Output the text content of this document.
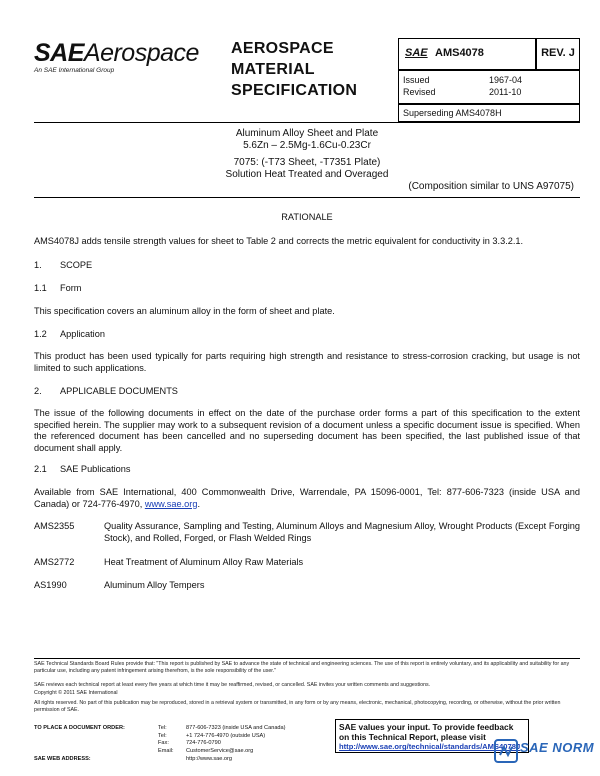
SAEAerospace
An SAE International Group
AEROSPACE
MATERIAL
SPECIFICATION
SAE AMS4078	REV. J
Issued	1967-04
Revised	2011-10
Superseding AMS4078H
Aluminum Alloy Sheet and Plate
5.6Zn – 2.5Mg-1.6Cu-0.23Cr
7075: (-T73 Sheet, -T7351 Plate)
Solution Heat Treated and Overaged
(Composition similar to UNS A97075)
RATIONALE
AMS4078J adds tensile strength values for sheet to Table 2 and corrects the metric equivalent for conductivity in 3.3.2.1.
1. SCOPE
1.1 Form
This specification covers an aluminum alloy in the form of sheet and plate.
1.2 Application
This product has been used typically for parts requiring high strength and resistance to stress-corrosion cracking, but usage is not limited to such applications.
2. APPLICABLE DOCUMENTS
The issue of the following documents in effect on the date of the purchase order forms a part of this specification to the extent specified herein. The supplier may work to a subsequent revision of a document unless a specific document issue is specified. When the referenced document has been cancelled and no superseding document has been specified, the last published issue of that document shall apply.
2.1 SAE Publications
Available from SAE International, 400 Commonwealth Drive, Warrendale, PA 15096-0001, Tel: 877-606-7323 (inside USA and Canada) or 724-776-4970, www.sae.org.
AMS2355	Quality Assurance, Sampling and Testing, Aluminum Alloys and Magnesium Alloy, Wrought Products (Except Forging Stock), and Rolled, Forged, or Flash Welded Rings
AMS2772	Heat Treatment of Aluminum Alloy Raw Materials
AS1990	Aluminum Alloy Tempers
SAE Technical Standards Board Rules provide that: "This report is published by SAE to advance the state of technical and engineering sciences. The use of this report is entirely voluntary, and its applicability and suitability for any particular use, including any patent infringement arising therefrom, is the sole responsibility of the user."
SAE reviews each technical report at least every five years at which time it may be reaffirmed, revised, or cancelled. SAE invites your written comments and suggestions.
Copyright © 2011 SAE International
All rights reserved. No part of this publication may be reproduced, stored in a retrieval system or transmitted, in any form or by any means, electronic, mechanical, photocopying, recording, or otherwise, without the prior written permission of SAE.
TO PLACE A DOCUMENT ORDER:	Tel:	877-606-7323 (inside USA and Canada)
Tel:	+1 724-776-4970 (outside USA)
Fax:	724-776-0790
Email: CustomerService@sae.org
SAE WEB ADDRESS:	http://www.sae.org
SAE values your input. To provide feedback
on this Technical Report, please visit
http://www.sae.org/technical/standards/AMS4078J SAE NORM
